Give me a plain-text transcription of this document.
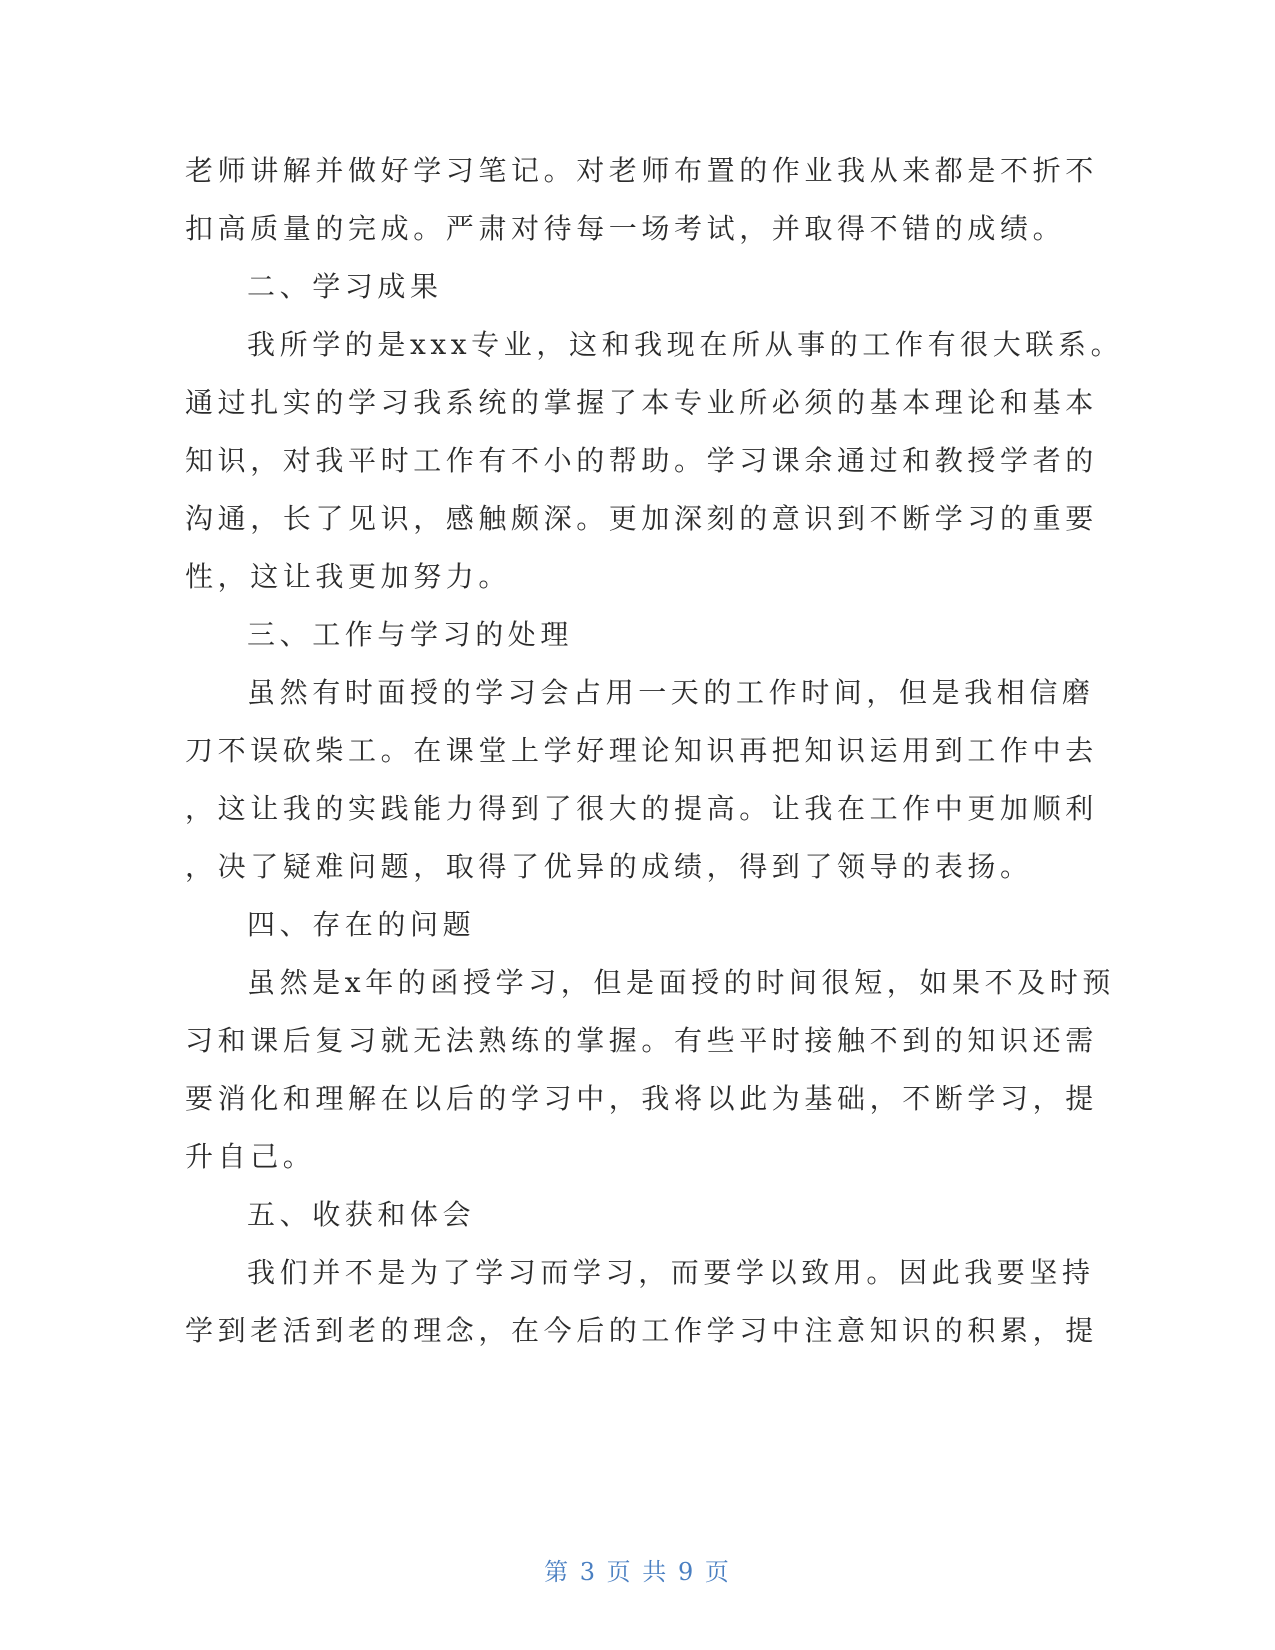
老师讲解并做好学习笔记。对老师布置的作业我从来都是不折不
扣高质量的完成。严肃对待每一场考试，并取得不错的成绩。
二、学习成果
我所学的是xxx专业，这和我现在所从事的工作有很大联系。
通过扎实的学习我系统的掌握了本专业所必须的基本理论和基本
知识，对我平时工作有不小的帮助。学习课余通过和教授学者的
沟通，长了见识，感触颇深。更加深刻的意识到不断学习的重要
性，这让我更加努力。
三、工作与学习的处理
虽然有时面授的学习会占用一天的工作时间，但是我相信磨
刀不误砍柴工。在课堂上学好理论知识再把知识运用到工作中去
，这让我的实践能力得到了很大的提高。让我在工作中更加顺利
，决了疑难问题，取得了优异的成绩，得到了领导的表扬。
四、存在的问题
虽然是x年的函授学习，但是面授的时间很短，如果不及时预
习和课后复习就无法熟练的掌握。有些平时接触不到的知识还需
要消化和理解在以后的学习中，我将以此为基础，不断学习，提
升自己。
五、收获和体会
我们并不是为了学习而学习，而要学以致用。因此我要坚持
学到老活到老的理念，在今后的工作学习中注意知识的积累，提
第 3 页 共 9 页
